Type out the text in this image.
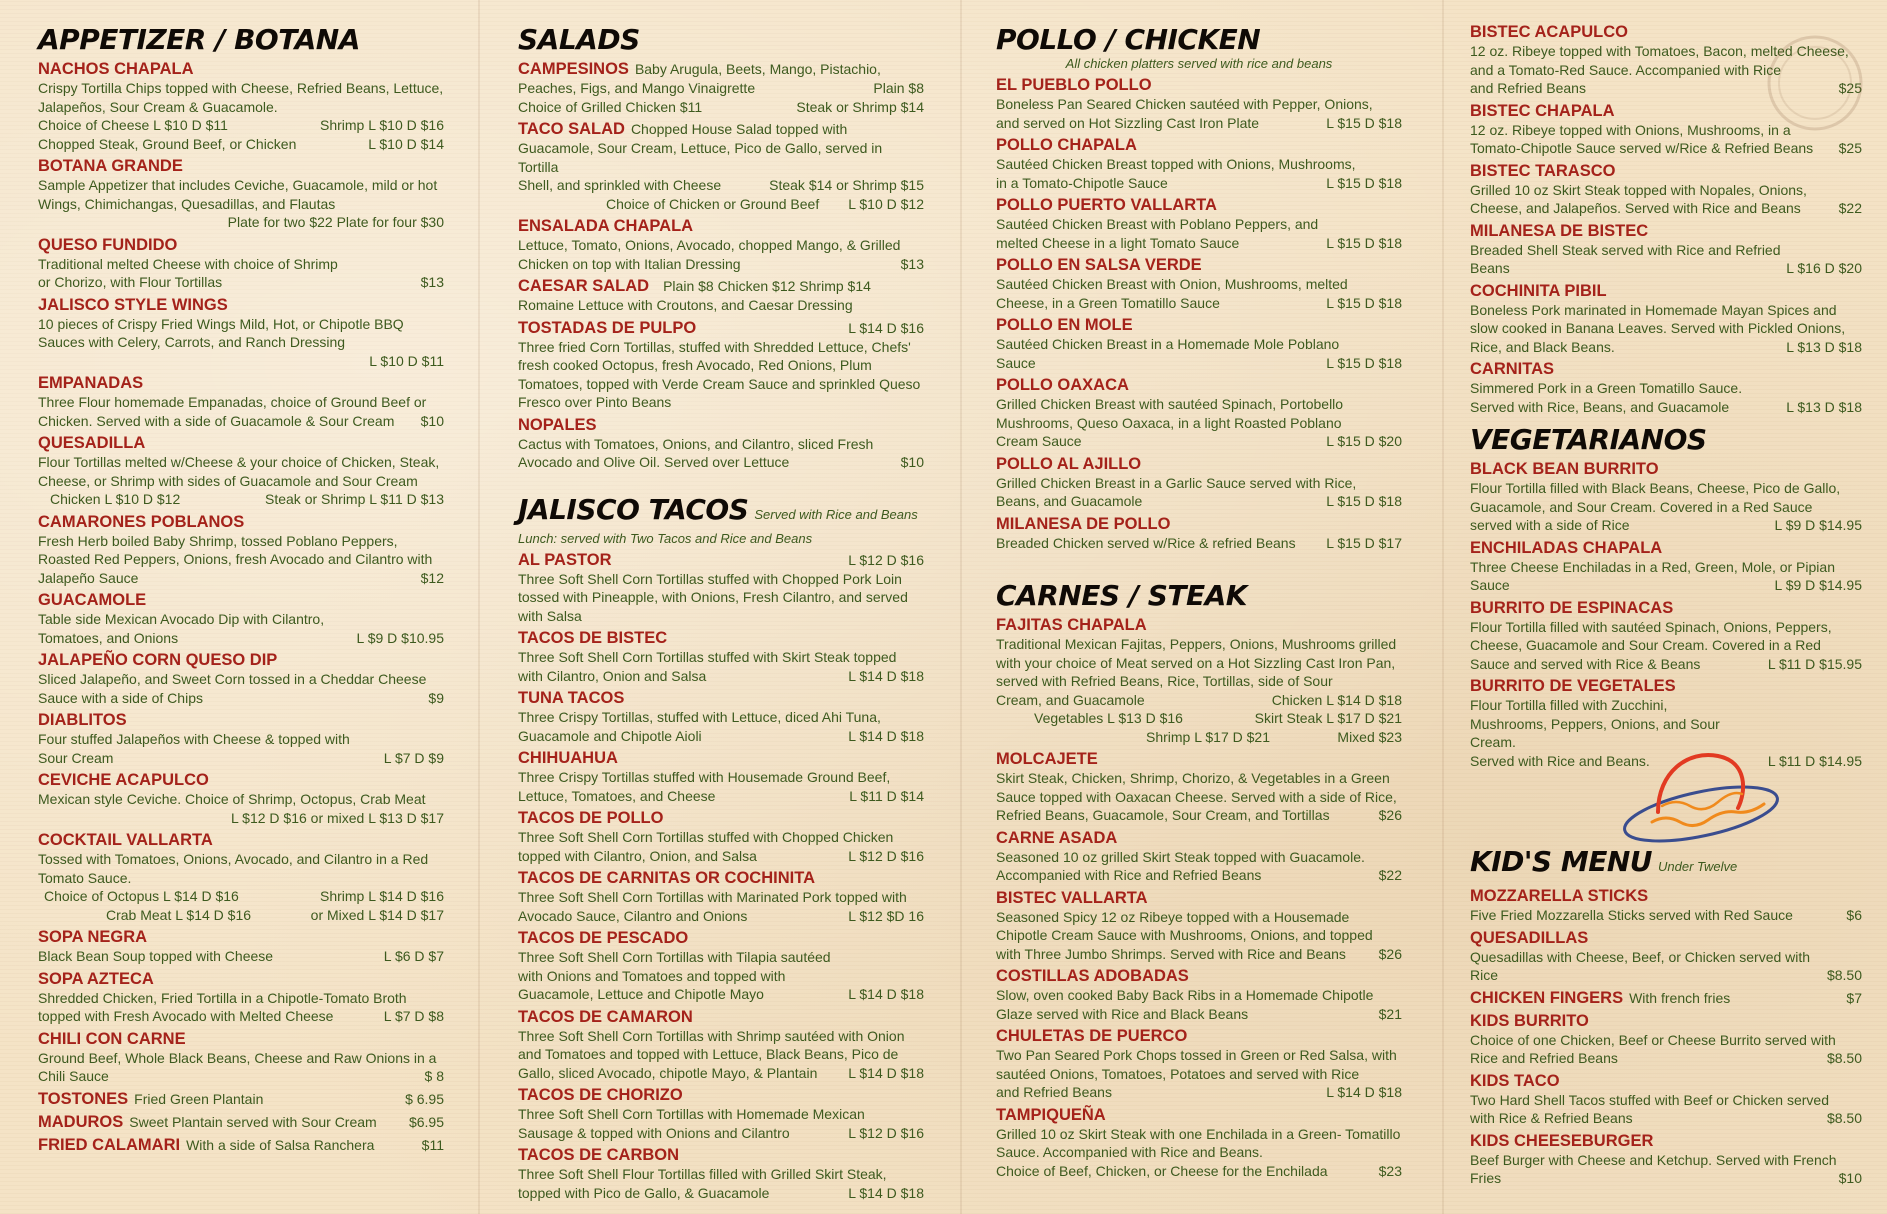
APPETIZER / BOTANA
NACHOS CHAPALA
Crispy Tortilla Chips topped with Cheese, Refried Beans, Lettuce, Jalapeños, Sour Cream & Guacamole.
Choice of Cheese L $10 D $11	Shrimp L $10 D $16
Chopped Steak, Ground Beef, or Chicken	L $10 D $14
BOTANA GRANDE
Sample Appetizer that includes Ceviche, Guacamole, mild or hot Wings, Chimichangas, Quesadillas, and Flautas
Plate for two $22 Plate for four $30
QUESO FUNDIDO
Traditional melted Cheese with choice of Shrimp
or Chorizo, with Flour Tortillas	$13
JALISCO STYLE WINGS
10 pieces of Crispy Fried Wings Mild, Hot, or Chipotle BBQ Sauces with Celery, Carrots, and Ranch Dressing
L $10 D $11
EMPANADAS
Three Flour homemade Empanadas, choice of Ground Beef or
Chicken. Served with a side of Guacamole & Sour Cream $10
QUESADILLA
Flour Tortillas melted w/Cheese & your choice of Chicken, Steak, Cheese, or Shrimp with sides of Guacamole and Sour Cream
Chicken L $10 D $12	Steak or Shrimp L $11 D $13
CAMARONES POBLANOS
Fresh Herb boiled Baby Shrimp, tossed Poblano Peppers, Roasted Red Peppers, Onions, fresh Avocado and Cilantro with
Jalapeño Sauce	$12
GUACAMOLE
Table side Mexican Avocado Dip with Cilantro,
Tomatoes, and Onions	L $9 D $10.95
JALAPEÑO CORN QUESO DIP
Sliced Jalapeño, and Sweet Corn tossed in a Cheddar Cheese
Sauce with a side of Chips	$9
DIABLITOS
Four stuffed Jalapeños with Cheese & topped with
Sour Cream	L $7 D $9
CEVICHE ACAPULCO
Mexican style Ceviche. Choice of Shrimp, Octopus, Crab Meat
L $12 D $16 or mixed L $13 D $17
COCKTAIL VALLARTA
Tossed with Tomatoes, Onions, Avocado, and Cilantro in a Red Tomato Sauce.
Choice of Octopus L $14 D $16	Shrimp L $14 D $16
Crab Meat L $14 D $16	or Mixed L $14 D $17
SOPA NEGRA
Black Bean Soup topped with Cheese	L $6 D $7
SOPA AZTECA
Shredded Chicken, Fried Tortilla in a Chipotle-Tomato Broth
topped with Fresh Avocado with Melted Cheese	L $7 D $8
CHILI CON CARNE
Ground Beef, Whole Black Beans, Cheese and Raw Onions in a
Chili Sauce	$ 8
TOSTONES Fried Green Plantain	$ 6.95
MADUROS Sweet Plantain served with Sour Cream $6.95
FRIED CALAMARI With a side of Salsa Ranchera	$11
SALADS
CAMPESINOS Baby Arugula, Beets, Mango, Pistachio,
Peaches, Figs, and Mango Vinaigrette	Plain $8
Choice of Grilled Chicken $11	Steak or Shrimp $14
TACO SALAD Chopped House Salad topped with
Guacamole, Sour Cream, Lettuce, Pico de Gallo, served in Tortilla
Shell, and sprinkled with Cheese	Steak $14 or Shrimp $15
Choice of Chicken or Ground Beef L $10 D $12
ENSALADA CHAPALA
Lettuce, Tomato, Onions, Avocado, chopped Mango, & Grilled
Chicken on top with Italian Dressing	$13
CAESAR SALAD Plain $8 Chicken $12 Shrimp $14
Romaine Lettuce with Croutons, and Caesar Dressing
TOSTADAS DE PULPO	L $14 D $16
Three fried Corn Tortillas, stuffed with Shredded Lettuce, Chefs' fresh cooked Octopus, fresh Avocado, Red Onions, Plum Tomatoes, topped with Verde Cream Sauce and sprinkled Queso Fresco over Pinto Beans
NOPALES
Cactus with Tomatoes, Onions, and Cilantro, sliced Fresh
Avocado and Olive Oil. Served over Lettuce	$10
JALISCO TACOS Served with Rice and Beans
Lunch: served with Two Tacos and Rice and Beans
AL PASTOR	L $12 D $16
Three Soft Shell Corn Tortillas stuffed with Chopped Pork Loin tossed with Pineapple, with Onions, Fresh Cilantro, and served with Salsa
TACOS DE BISTEC
Three Soft Shell Corn Tortillas stuffed with Skirt Steak topped
with Cilantro, Onion and Salsa	L $14 D $18
TUNA TACOS
Three Crispy Tortillas, stuffed with Lettuce, diced Ahi Tuna,
Guacamole and Chipotle Aioli	L $14 D $18
CHIHUAHUA
Three Crispy Tortillas stuffed with Housemade Ground Beef,
Lettuce, Tomatoes, and Cheese	L $11 D $14
TACOS DE POLLO
Three Soft Shell Corn Tortillas stuffed with Chopped Chicken
topped with Cilantro, Onion, and Salsa	L $12 D $16
TACOS DE CARNITAS OR COCHINITA
Three Soft Shell Corn Tortillas with Marinated Pork topped with
Avocado Sauce, Cilantro and Onions	L $12 $D 16
TACOS DE PESCADO
Three Soft Shell Corn Tortillas with Tilapia sautéed with Onions and Tomatoes and topped with
Guacamole, Lettuce and Chipotle Mayo	L $14 D $18
TACOS DE CAMARON
Three Soft Shell Corn Tortillas with Shrimp sautéed with Onion and Tomatoes and topped with Lettuce, Black Beans, Pico de
Gallo, sliced Avocado, chipotle Mayo, & Plantain L $14 D $18
TACOS DE CHORIZO
Three Soft Shell Corn Tortillas with Homemade Mexican
Sausage & topped with Onions and Cilantro	L $12 D $16
TACOS DE CARBON
Three Soft Shell Flour Tortillas filled with Grilled Skirt Steak,
topped with Pico de Gallo, & Guacamole	L $14 D $18
POLLO / CHICKEN
All chicken platters served with rice and beans
EL PUEBLO POLLO
Boneless Pan Seared Chicken sautéed with Pepper, Onions,
and served on Hot Sizzling Cast Iron Plate	L $15 D $18
POLLO CHAPALA
Sautéed Chicken Breast topped with Onions, Mushrooms,
in a Tomato-Chipotle Sauce	L $15 D $18
POLLO PUERTO VALLARTA
Sautéed Chicken Breast with Poblano Peppers, and
melted Cheese in a light Tomato Sauce	L $15 D $18
POLLO EN SALSA VERDE
Sautéed Chicken Breast with Onion, Mushrooms, melted
Cheese, in a Green Tomatillo Sauce	L $15 D $18
POLLO EN MOLE
Sautéed Chicken Breast in a Homemade Mole Poblano
Sauce	L $15 D $18
POLLO OAXACA
Grilled Chicken Breast with sautéed Spinach, Portobello Mushrooms, Queso Oaxaca, in a light Roasted Poblano
Cream Sauce	L $15 D $20
POLLO AL AJILLO
Grilled Chicken Breast in a Garlic Sauce served with Rice,
Beans, and Guacamole	L $15 D $18
MILANESA DE POLLO
Breaded Chicken served w/Rice & refried Beans L $15 D $17
CARNES / STEAK
FAJITAS CHAPALA
Traditional Mexican Fajitas, Peppers, Onions, Mushrooms grilled with your choice of Meat served on a Hot Sizzling Cast Iron Pan, served with Refried Beans, Rice, Tortillas, side of Sour
Cream, and Guacamole	Chicken L $14 D $18
Vegetables L $13 D $16	Skirt Steak L $17 D $21
Shrimp L $17 D $21	Mixed $23
MOLCAJETE
Skirt Steak, Chicken, Shrimp, Chorizo, & Vegetables in a Green Sauce topped with Oaxacan Cheese. Served with a side of Rice,
Refried Beans, Guacamole, Sour Cream, and Tortillas	$26
CARNE ASADA
Seasoned 10 oz grilled Skirt Steak topped with Guacamole.
Accompanied with Rice and Refried Beans	$22
BISTEC VALLARTA
Seasoned Spicy 12 oz Ribeye topped with a Housemade Chipotle Cream Sauce with Mushrooms, Onions, and topped
with Three Jumbo Shrimps. Served with Rice and Beans $26
COSTILLAS ADOBADAS
Slow, oven cooked Baby Back Ribs in a Homemade Chipotle
Glaze served with Rice and Black Beans	$21
CHULETAS DE PUERCO
Two Pan Seared Pork Chops tossed in Green or Red Salsa, with sautéed Onions, Tomatoes, Potatoes and served with Rice
and Refried Beans	L $14 D $18
TAMPIQUEÑA
Grilled 10 oz Skirt Steak with one Enchilada in a Green- Tomatillo Sauce. Accompanied with Rice and Beans.
Choice of Beef, Chicken, or Cheese for the Enchilada	$23
BISTEC ACAPULCO
12 oz. Ribeye topped with Tomatoes, Bacon, melted Cheese, and a Tomato-Red Sauce. Accompanied with Rice
and Refried Beans	$25
BISTEC CHAPALA
12 oz. Ribeye topped with Onions, Mushrooms, in a
Tomato-Chipotle Sauce served w/Rice & Refried Beans $25
BISTEC TARASCO
Grilled 10 oz Skirt Steak topped with Nopales, Onions,
Cheese, and Jalapeños. Served with Rice and Beans	$22
MILANESA DE BISTEC
Breaded Shell Steak served with Rice and Refried
Beans	L $16 D $20
COCHINITA PIBIL
Boneless Pork marinated in Homemade Mayan Spices and slow cooked in Banana Leaves. Served with Pickled Onions,
Rice, and Black Beans.	L $13 D $18
CARNITAS
Simmered Pork in a Green Tomatillo Sauce.
Served with Rice, Beans, and Guacamole	L $13 D $18
VEGETARIANOS
BLACK BEAN BURRITO
Flour Tortilla filled with Black Beans, Cheese, Pico de Gallo, Guacamole, and Sour Cream. Covered in a Red Sauce
served with a side of Rice	L $9 D $14.95
ENCHILADAS CHAPALA
Three Cheese Enchiladas in a Red, Green, Mole, or Pipian
Sauce	L $9 D $14.95
BURRITO DE ESPINACAS
Flour Tortilla filled with sautéed Spinach, Onions, Peppers, Cheese, Guacamole and Sour Cream. Covered in a Red
Sauce and served with Rice & Beans	L $11 D $15.95
BURRITO DE VEGETALES
Flour Tortilla filled with Zucchini, Mushrooms, Peppers, Onions, and Sour Cream.
Served with Rice and Beans.	L $11 D $14.95
KID'S MENU Under Twelve
MOZZARELLA STICKS
Five Fried Mozzarella Sticks served with Red Sauce	$6
QUESADILLAS
Quesadillas with Cheese, Beef, or Chicken served with
Rice	$8.50
CHICKEN FINGERS With french fries	$7
KIDS BURRITO
Choice of one Chicken, Beef or Cheese Burrito served with
Rice and Refried Beans	$8.50
KIDS TACO
Two Hard Shell Tacos stuffed with Beef or Chicken served
with Rice & Refried Beans	$8.50
KIDS CHEESEBURGER
Beef Burger with Cheese and Ketchup. Served with French
Fries	$10
